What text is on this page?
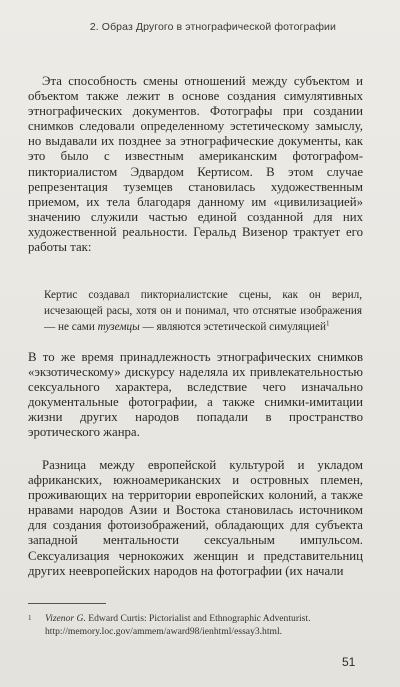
2. Образ Другого в этнографической фотографии

Эта способность смены отношений между субъектом и объектом также лежит в основе создания симулятивных этнографических документов. Фотографы при создании снимков следовали определенному эстетическому замыслу, но выдавали их позднее за этнографические документы, как это было с известным американским фотографом-пикториалистом Эдвардом Кертисом. В этом случае репрезентация туземцев становилась художественным приемом, их тела благодаря данному им «цивилизацией» значению служили частью единой созданной для них художественной реальности. Геральд Визенор трактует его работы так:

Кертис создавал пикториалистские сцены, как он верил, исчезающей расы, хотя он и понимал, что отснятые изображения — не сами туземцы — являются эстетической симуляцией$^1$

В то же время принадлежность этнографических снимков «экзотическому» дискурсу наделяла их привлекательностью сексуального характера, вследствие чего изначально документальные фотографии, а также снимки-имитации жизни других народов попадали в пространство эротического жанра.

Разница между европейской культурой и укладом африканских, южноамериканских и островных племен, проживающих на территории европейских колоний, а также нравами народов Азии и Востока становилась источником для создания фотоизображений, обладающих для субъекта западной ментальности сексуальным импульсом. Сексуализация чернокожих женщин и представительниц других неевропейских народов на фотографии (их начали

1 Vizenor G. Edward Curtis: Pictorialist and Ethnographic Adventurist. http://memory.loc.gov/ammem/award98/ienhtml/essay3.html.

51
